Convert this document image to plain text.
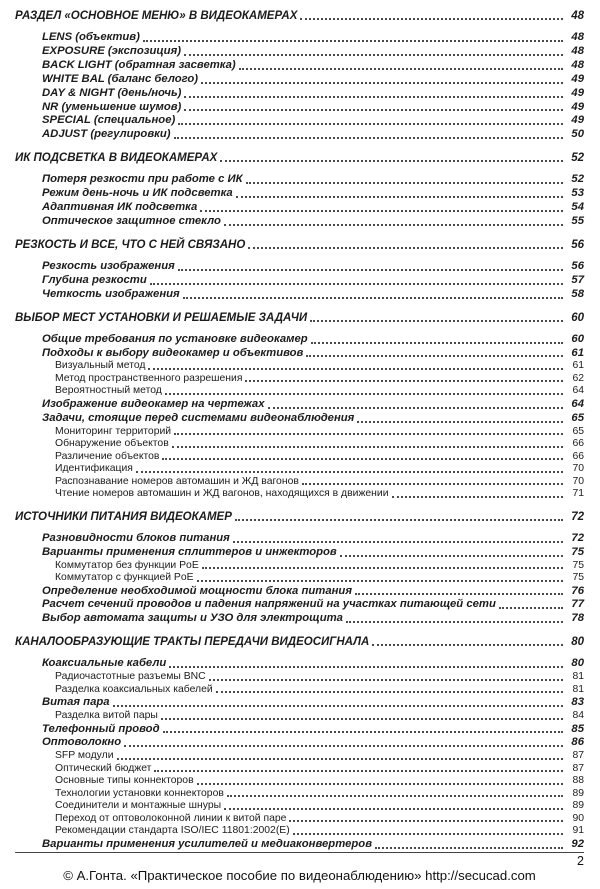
РАЗДЕЛ «ОСНОВНОЕ МЕНЮ» В ВИДЕОКАМЕРАХ	48
LENS (объектив)	48
EXPOSURE (экспозиция)	48
BACK LIGHT (обратная засветка)	48
WHITE BAL (баланс белого)	49
DAY & NIGHT (день/ночь)	49
NR (уменьшение шумов)	49
SPECIAL (специальное)	49
ADJUST (регулировки)	50
ИК ПОДСВЕТКА В ВИДЕОКАМЕРАХ	52
Потеря резкости при работе с ИК	52
Режим день-ночь и ИК подсветка	53
Адаптивная ИК подсветка	54
Оптическое защитное стекло	55
РЕЗКОСТЬ И ВСЕ, ЧТО С НЕЙ СВЯЗАНО	56
Резкость изображения	56
Глубина резкости	57
Четкость изображения	58
ВЫБОР МЕСТ УСТАНОВКИ И РЕШАЕМЫЕ ЗАДАЧИ	60
Общие требования по установке видеокамер	60
Подходы к выбору видеокамер и объективов	61
Визуальный метод	61
Метод пространственного разрешения	62
Вероятностный метод	64
Изображение видеокамер на чертежах	64
Задачи, стоящие перед системами видеонаблюдения	65
Мониторинг территорий	65
Обнаружение объектов	66
Различение объектов	66
Идентификация	70
Распознавание номеров автомашин и ЖД вагонов	70
Чтение номеров автомашин и ЖД вагонов, находящихся в движении	71
ИСТОЧНИКИ ПИТАНИЯ ВИДЕОКАМЕР	72
Разновидности блоков питания	72
Варианты применения сплиттеров и инжекторов	75
Коммутатор без функции PoE	75
Коммутатор с функцией PoE	75
Определение необходимой мощности блока питания	76
Расчет сечений проводов и падения напряжений на участках питающей сети	77
Выбор автомата защиты и УЗО для электрощита	78
КАНАЛООБРАЗУЮЩИЕ ТРАКТЫ ПЕРЕДАЧИ ВИДЕОСИГНАЛА	80
Коаксиальные кабели	80
Радиочастотные разъемы BNC	81
Разделка коаксиальных кабелей	81
Витая пара	83
Разделка витой пары	84
Телефонный провод	85
Оптоволокно	86
SFP модули	87
Оптический бюджет	87
Основные типы коннекторов	88
Технологии установки коннекторов	89
Соединители и монтажные шнуры	89
Переход от оптоволоконной линии к витой паре	90
Рекомендации стандарта ISO/IEC 11801:2002(E)	91
Варианты применения усилителей и медиаконвертеров	92
2
© А.Гонта. «Практическое пособие по видеонаблюдению» http://secucad.com
